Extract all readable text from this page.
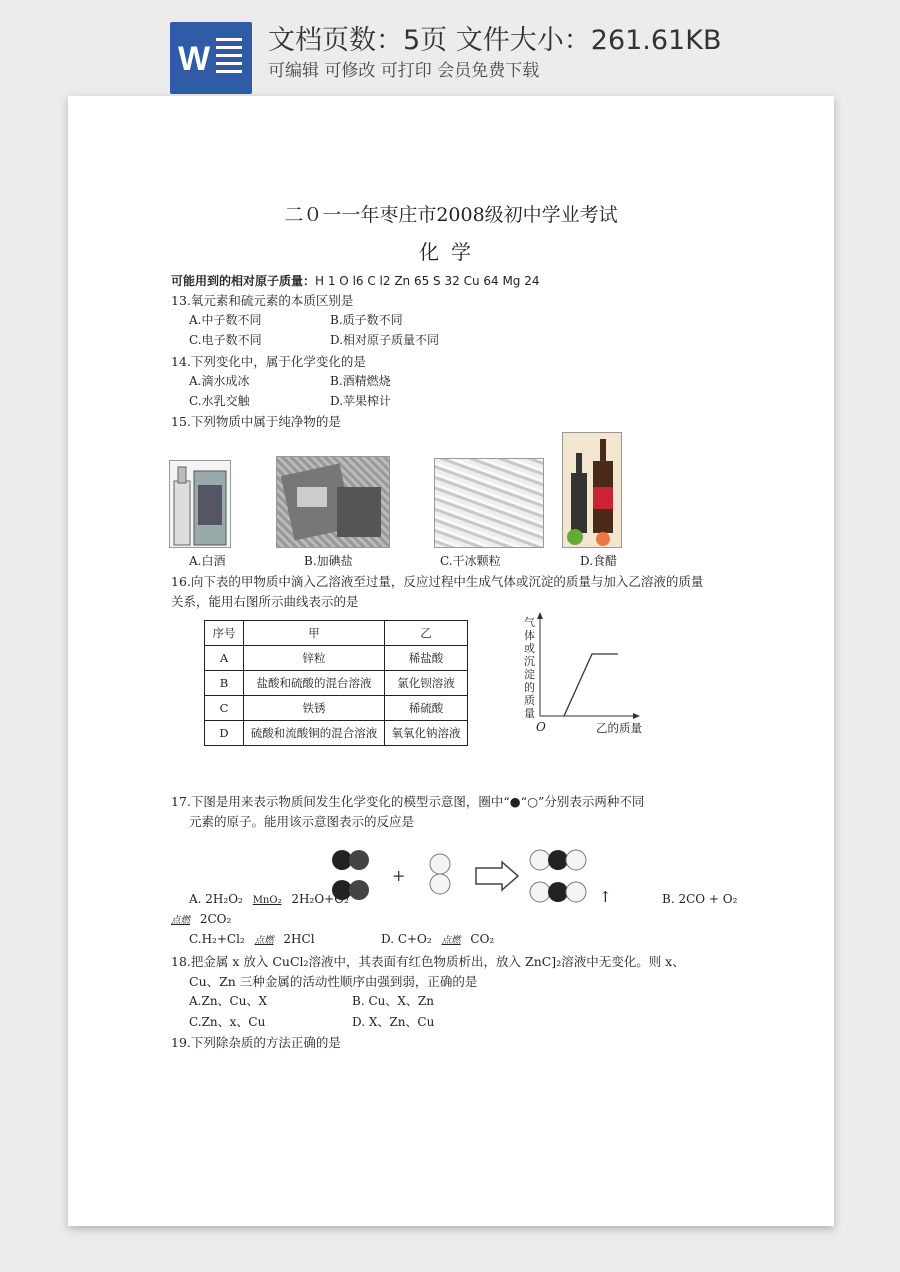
W 文档页数：5页 文件大小：261.61KB
可编辑 可修改 可打印 会员免费下载
二０一一年枣庄市2008级初中学业考试
化学
可能用到的相对原子质量：H 1 O l6 C l2 Zn 65 S 32 Cu 64 Mg 24
13.氧元素和硫元素的本质区别是
A.中子数不同	B.质子数不同
C.电子数不同	D.相对原子质量不同
14.下列变化中，属于化学变化的是
A.滴水成冰	B.酒精燃烧
C.水乳交触	D.苹果榨计
15.下列物质中属于纯净物的是
A.白酒	B.加碘盐	C.干冰颗粒	D.食醋
16.向下表的甲物质中滴入乙溶液至过量，反应过程中生成气体或沉淀的质量与加入乙溶液的质量
关系，能用右图所示曲线表示的是
序号	甲	乙
A	锌粒	稀盐酸
B	盐酸和硫酸的混台溶液	氯化钡溶液
C	铁锈	稀硫酸
D	硫酸和流酸铜的混合溶液	氧氧化钠溶液
气体或沉淀的质量
O	乙的质量
17.下图是用来表示物质间发生化学变化的模型示意图，圈中“●“○”分别表示两种不同
元素的原子。能用该示意图表示的反应是
+
A. 2H₂O₂ MnO₂ 2H₂O+O₂	↑	B. 2CO + O₂
点燃 2CO₂
C.H₂+Cl₂ 点燃 2HCl	D. C+O₂ 点燃 CO₂
18.把金属 x 放入 CuCl₂溶液中，其表面有红色物质析出，放入 ZnC]₂溶液中无变化。则 x、
Cu、Zn 三种金属的活动性顺序由强到弱，正确的是
A.Zn、Cu、X	B. Cu、X、Zn
C.Zn、x、Cu	D. X、Zn、Cu
19.下列除杂质的方法正确的是
